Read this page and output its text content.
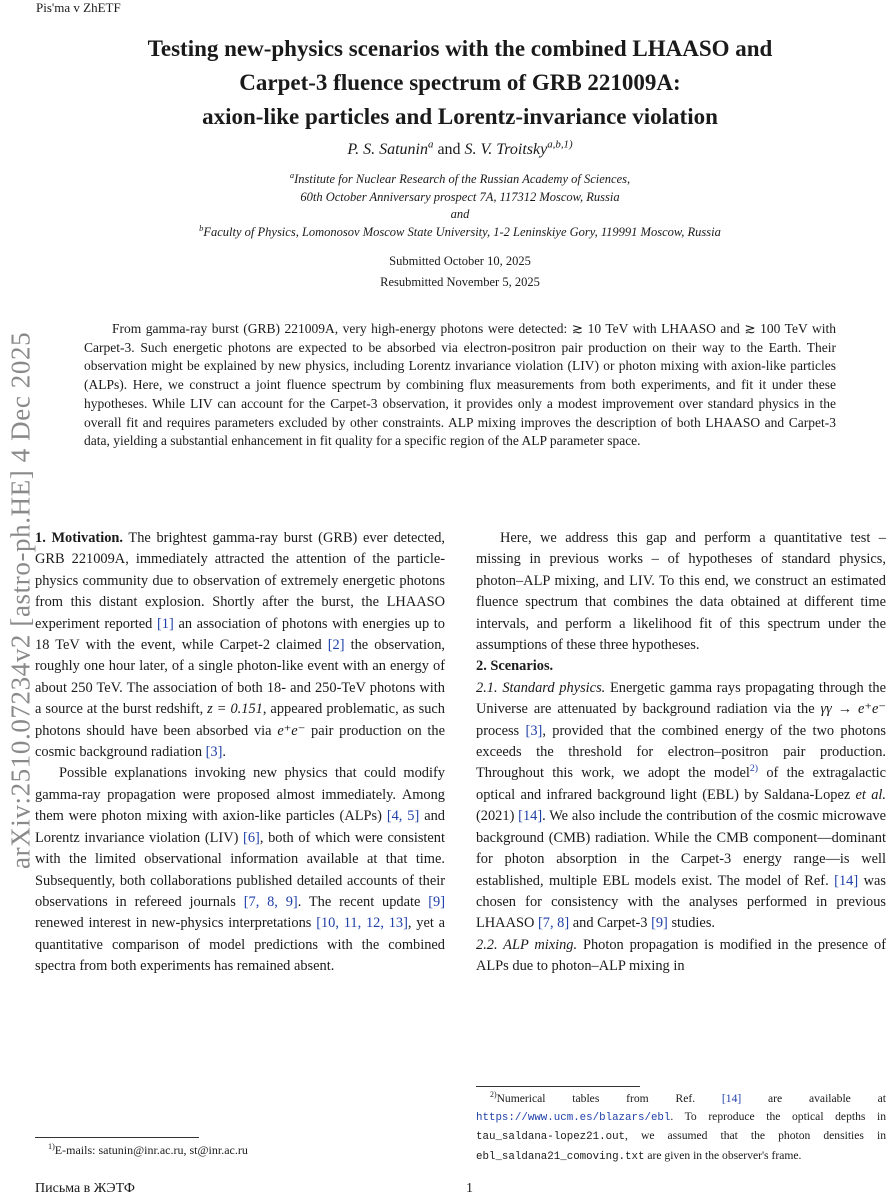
Pis'ma v ZhETF
arXiv:2510.07234v2 [astro-ph.HE] 4 Dec 2025
Testing new-physics scenarios with the combined LHAASO and
Carpet-3 fluence spectrum of GRB 221009A:
axion-like particles and Lorentz-invariance violation
P. S. Satunin$^a$ and S. V. Troitsky$^{a,b,1)}$
$^a$Institute for Nuclear Research of the Russian Academy of Sciences,
60th October Anniversary prospect 7A, 117312 Moscow, Russia
and
$^b$Faculty of Physics, Lomonosov Moscow State University, 1-2 Leninskiye Gory, 119991 Moscow, Russia
Submitted October 10, 2025
Resubmitted November 5, 2025

From gamma-ray burst (GRB) 221009A, very high-energy photons were detected: ≳ 10 TeV with LHAASO and ≳ 100 TeV with Carpet-3. Such energetic photons are expected to be absorbed via electron-positron pair production on their way to the Earth. Their observation might be explained by new physics, including Lorentz invariance violation (LIV) or photon mixing with axion-like particles (ALPs). Here, we construct a joint fluence spectrum by combining flux measurements from both experiments, and fit it under these hypotheses. While LIV can account for the Carpet-3 observation, it provides only a modest improvement over standard physics in the overall fit and requires parameters excluded by other constraints. ALP mixing improves the description of both LHAASO and Carpet-3 data, yielding a substantial enhancement in fit quality for a specific region of the ALP parameter space.

1. Motivation. The brightest gamma-ray burst (GRB) ever detected, GRB 221009A, immediately attracted the attention of the particle-physics community due to observation of extremely energetic photons from this distant explosion. Shortly after the burst, the LHAASO experiment reported [1] an association of photons with energies up to 18 TeV with the event, while Carpet-2 claimed [2] the observation, roughly one hour later, of a single photon-like event with an energy of about 250 TeV. The association of both 18- and 250-TeV photons with a source at the burst redshift, z = 0.151, appeared problematic, as such photons should have been absorbed via e⁺e⁻ pair production on the cosmic background radiation [3].

Possible explanations invoking new physics that could modify gamma-ray propagation were proposed almost immediately. Among them were photon mixing with axion-like particles (ALPs) [4, 5] and Lorentz invariance violation (LIV) [6], both of which were consistent with the limited observational information available at that time. Subsequently, both collaborations published detailed accounts of their observations in refereed journals [7, 8, 9]. The recent update [9] renewed interest in new-physics interpretations [10, 11, 12, 13], yet a quantitative comparison of model predictions with the combined spectra from both experiments has remained absent.

Here, we address this gap and perform a quantitative test – missing in previous works – of hypotheses of standard physics, photon–ALP mixing, and LIV. To this end, we construct an estimated fluence spectrum that combines the data obtained at different time intervals, and perform a likelihood fit of this spectrum under the assumptions of these three hypotheses.

2. Scenarios.

2.1. Standard physics. Energetic gamma rays propagating through the Universe are attenuated by background radiation via the γγ → e⁺e⁻ process [3], provided that the combined energy of the two photons exceeds the threshold for electron–positron pair production. Throughout this work, we adopt the model$^{2)}$ of the extragalactic optical and infrared background light (EBL) by Saldana-Lopez et al. (2021) [14]. We also include the contribution of the cosmic microwave background (CMB) radiation. While the CMB component—dominant for photon absorption in the Carpet-3 energy range—is well established, multiple EBL models exist. The model of Ref. [14] was chosen for consistency with the analyses performed in previous LHAASO [7, 8] and Carpet-3 [9] studies.

2.2. ALP mixing. Photon propagation is modified in the presence of ALPs due to photon–ALP mixing in

$^{1)}$E-mails: satunin@inr.ac.ru, st@inr.ac.ru

$^{2)}$Numerical tables from Ref. [14] are available at https://www.ucm.es/blazars/ebl. To reproduce the optical depths in tau_saldana-lopez21.out, we assumed that the photon densities in ebl_saldana21_comoving.txt are given in the observer's frame.

Письма в ЖЭТФ	1
